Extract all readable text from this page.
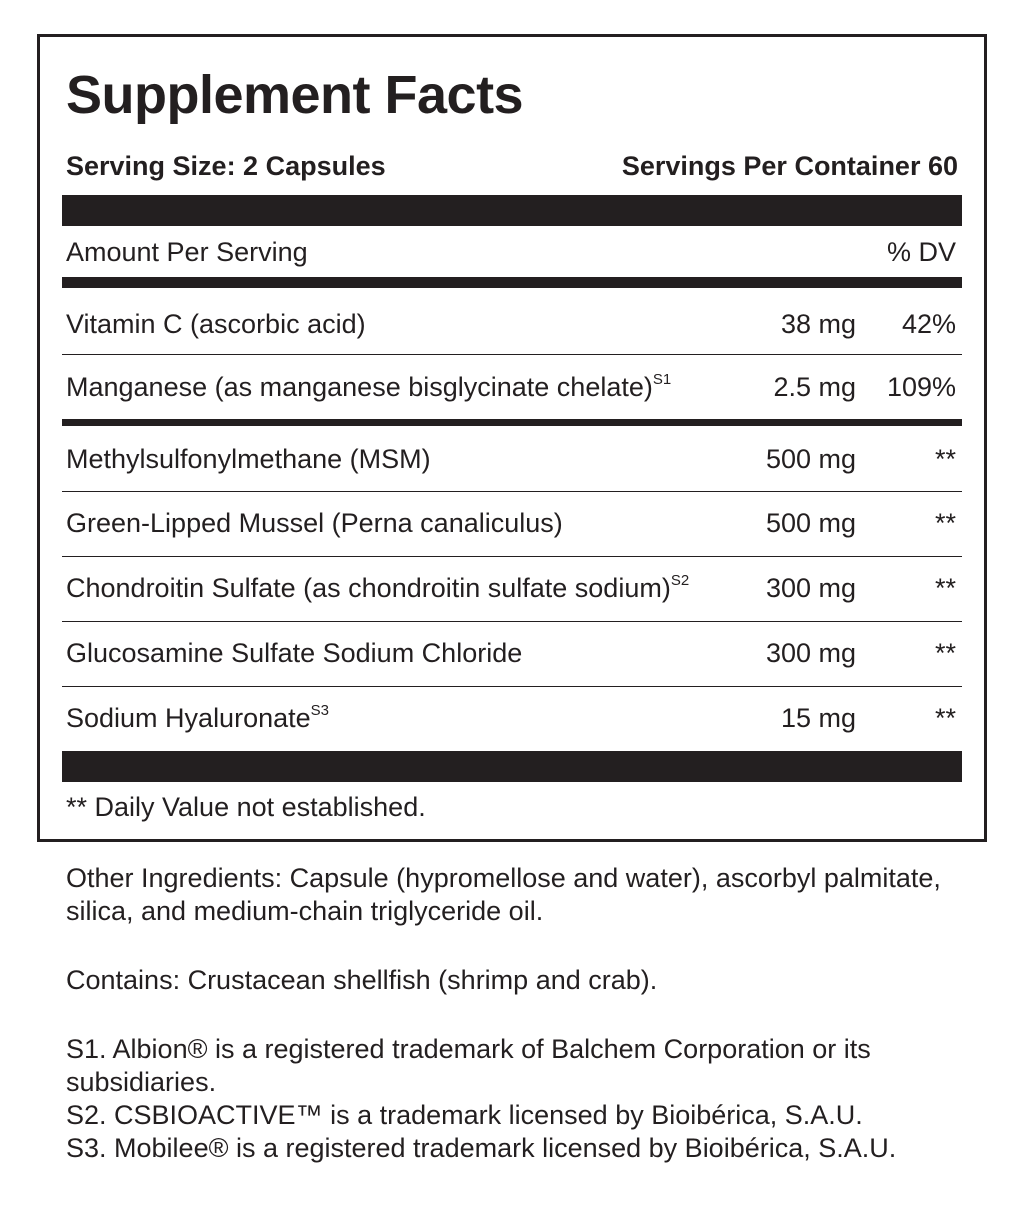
Supplement Facts
Serving Size: 2 Capsules	Servings Per Container 60
Amount Per Serving	% DV
Vitamin C (ascorbic acid)	38 mg	42%
Manganese (as manganese bisglycinate chelate)$^{S1}$	2.5 mg	109%
Methylsulfonylmethane (MSM)	500 mg	**
Green-Lipped Mussel (Perna canaliculus)	500 mg	**
Chondroitin Sulfate (as chondroitin sulfate sodium)$^{S2}$	300 mg	**
Glucosamine Sulfate Sodium Chloride	300 mg	**
Sodium Hyaluronate$^{S3}$	15 mg	**
** Daily Value not established.

Other Ingredients: Capsule (hypromellose and water), ascorbyl palmitate, silica, and medium-chain triglyceride oil.

Contains: Crustacean shellfish (shrimp and crab).

S1. Albion® is a registered trademark of Balchem Corporation or its subsidiaries.

S2. CSBIOACTIVE™ is a trademark licensed by Bioibérica, S.A.U.

S3. Mobilee® is a registered trademark licensed by Bioibérica, S.A.U.
